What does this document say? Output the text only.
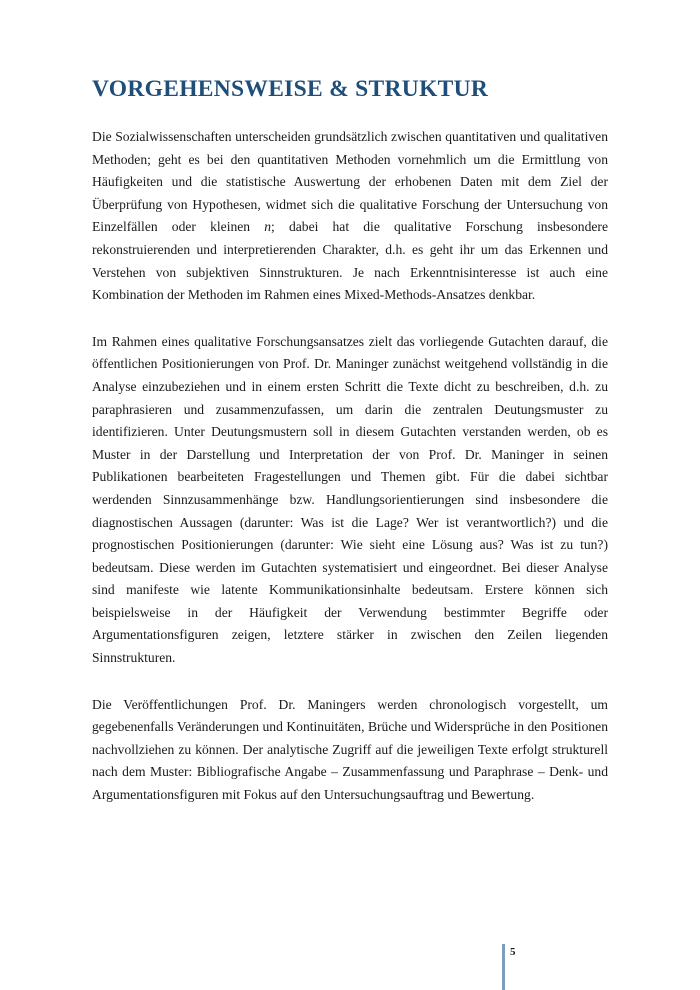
VORGEHENSWEISE & STRUKTUR

Die Sozialwissenschaften unterscheiden grundsätzlich zwischen quantitativen und qualitativen Methoden; geht es bei den quantitativen Methoden vornehmlich um die Ermittlung von Häufigkeiten und die statistische Auswertung der erhobenen Daten mit dem Ziel der Überprüfung von Hypothesen, widmet sich die qualitative Forschung der Untersuchung von Einzelfällen oder kleinen n; dabei hat die qualitative Forschung insbesondere rekonstruierenden und interpretierenden Charakter, d.h. es geht ihr um das Erkennen und Verstehen von subjektiven Sinnstrukturen. Je nach Erkenntnisinteresse ist auch eine Kombination der Methoden im Rahmen eines Mixed-Methods-Ansatzes denkbar.

Im Rahmen eines qualitative Forschungsansatzes zielt das vorliegende Gutachten darauf, die öffentlichen Positionierungen von Prof. Dr. Maninger zunächst weitgehend vollständig in die Analyse einzubeziehen und in einem ersten Schritt die Texte dicht zu beschreiben, d.h. zu paraphrasieren und zusammenzufassen, um darin die zentralen Deutungsmuster zu identifizieren. Unter Deutungsmustern soll in diesem Gutachten verstanden werden, ob es Muster in der Darstellung und Interpretation der von Prof. Dr. Maninger in seinen Publikationen bearbeiteten Fragestellungen und Themen gibt. Für die dabei sichtbar werdenden Sinnzusammenhänge bzw. Handlungsorientierungen sind insbesondere die diagnostischen Aussagen (darunter: Was ist die Lage? Wer ist verantwortlich?) und die prognostischen Positionierungen (darunter: Wie sieht eine Lösung aus? Was ist zu tun?) bedeutsam. Diese werden im Gutachten systematisiert und eingeordnet. Bei dieser Analyse sind manifeste wie latente Kommunikationsinhalte bedeutsam. Erstere können sich beispielsweise in der Häufigkeit der Verwendung bestimmter Begriffe oder Argumentationsfiguren zeigen, letztere stärker in zwischen den Zeilen liegenden Sinnstrukturen.

Die Veröffentlichungen Prof. Dr. Maningers werden chronologisch vorgestellt, um gegebenenfalls Veränderungen und Kontinuitäten, Brüche und Widersprüche in den Positionen nachvollziehen zu können. Der analytische Zugriff auf die jeweiligen Texte erfolgt strukturell nach dem Muster: Bibliografische Angabe – Zusammenfassung und Paraphrase – Denk- und Argumentationsfiguren mit Fokus auf den Untersuchungsauftrag und Bewertung.

5
